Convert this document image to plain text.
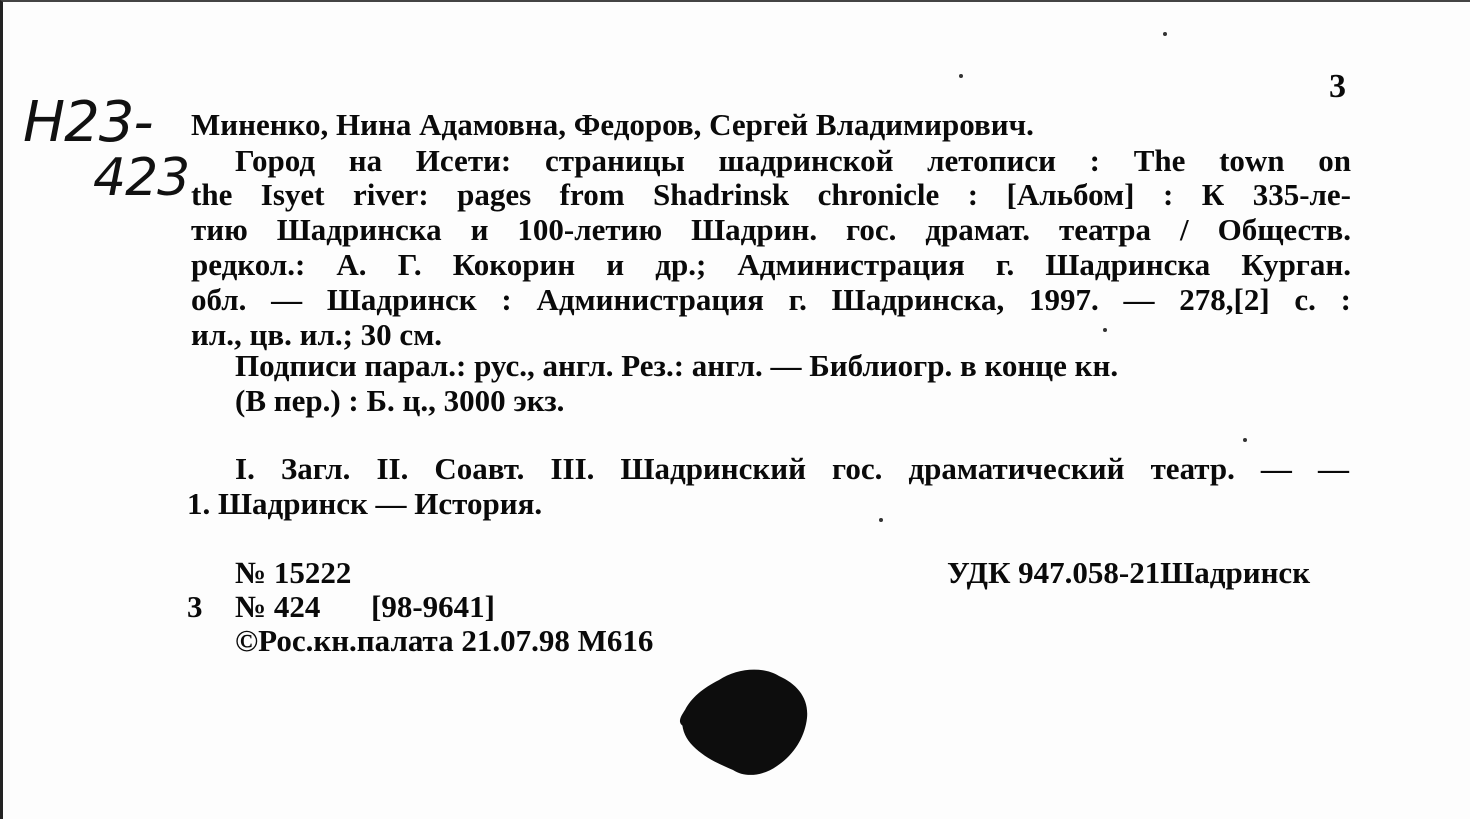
Н23-
423
3
Миненко, Нина Адамовна, Федоров, Сергей Владимирович.
Город на Исети: страницы шадринской летописи : The town on
the Isyet river: pages from Shadrinsk chronicle : [Альбом] : К 335-ле-
тию Шадринска и 100-летию Шадрин. гос. драмат. театра / Обществ.
редкол.: А. Г. Кокорин и др.; Администрация г. Шадринска Курган.
обл. — Шадринск : Администрация г. Шадринска, 1997. — 278,[2] с. :
ил., цв. ил.; 30 см.
Подписи парал.: рус., англ. Рез.: англ. — Библиогр. в конце кн.
(В пер.) : Б. ц., 3000 экз.
I. Загл. II. Соавт. III. Шадринский гос. драматический театр. — —
1. Шадринск — История.
№ 15222	УДК 947.058-21Шадринск
3 № 424 [98-9641]
©Рос.кн.палата 21.07.98 М616
